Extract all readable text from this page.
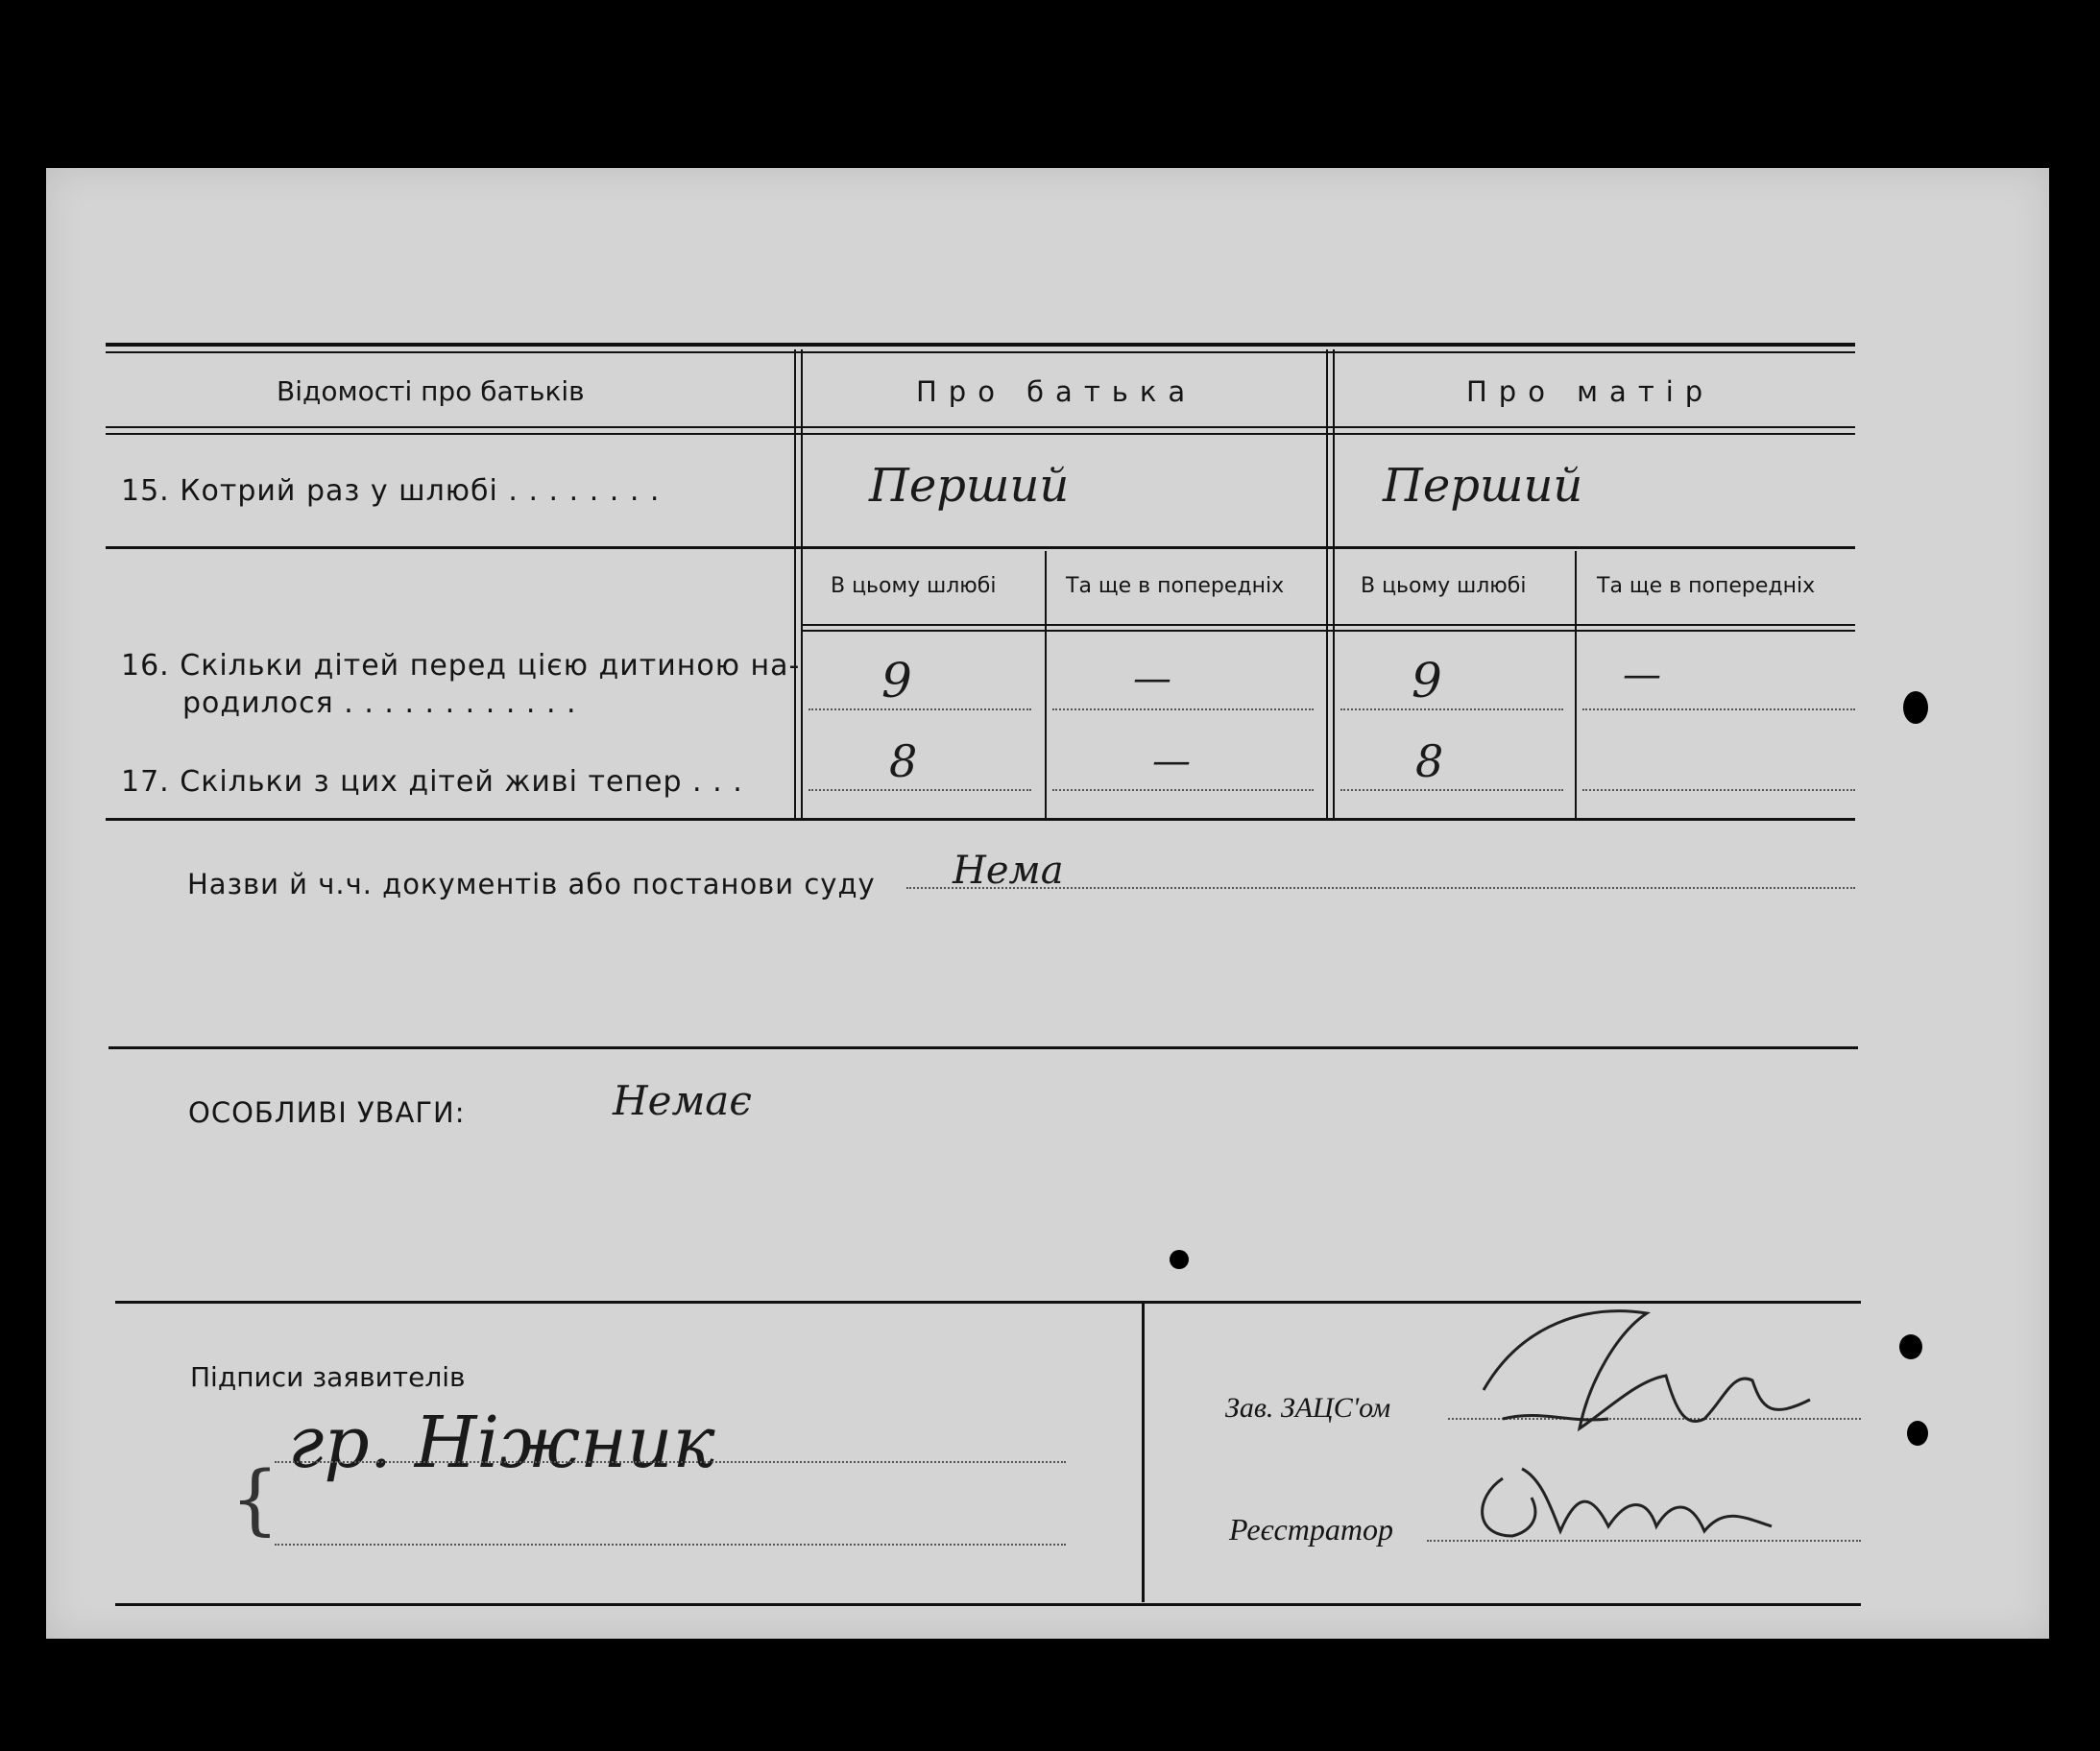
Відомості про батьків	Про батька	Про матір
15. Котрий раз у шлюбі . . . . . . . .	Перший	Перший
В цьому шлюбі	Та ще в попередніх	В цьому шлюбі	Та ще в попередніх
16. Скільки дітей перед цією дитиною на-
родилося . . . . . . . . . . . .	9	—	9	—
17. Скільки з цих дітей живі тепер . . .	8	—	8
Назви й ч.ч. документів або постанови суду Нема
ОСОБЛИВІ УВАГИ:	Немає
Підписи заявителів
{
гр. Ніжник	Зав. ЗАЦС'ом
Реєстратор
